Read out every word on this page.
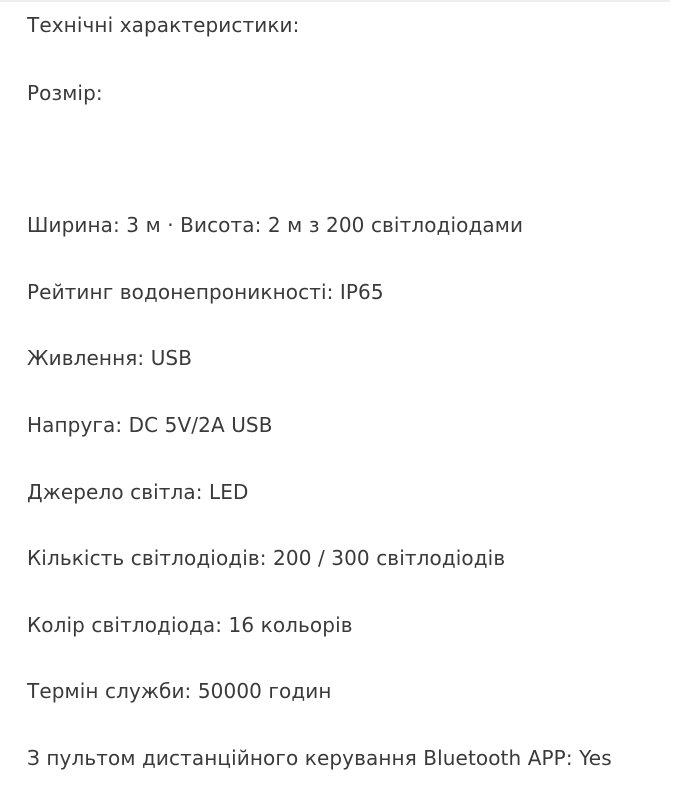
Технічні характеристики:
Розмір:
Ширина: 3 м · Висота: 2 м з 200 світлодіодами
Рейтинг водонепроникності: IP65
Живлення: USB
Напруга: DC 5V/2A USB
Джерело світла: LED
Кількість світлодіодів: 200 / 300 світлодіодів
Колір світлодіода: 16 кольорів
Термін служби: 50000 годин
З пультом дистанційного керування Bluetooth APP: Yes
